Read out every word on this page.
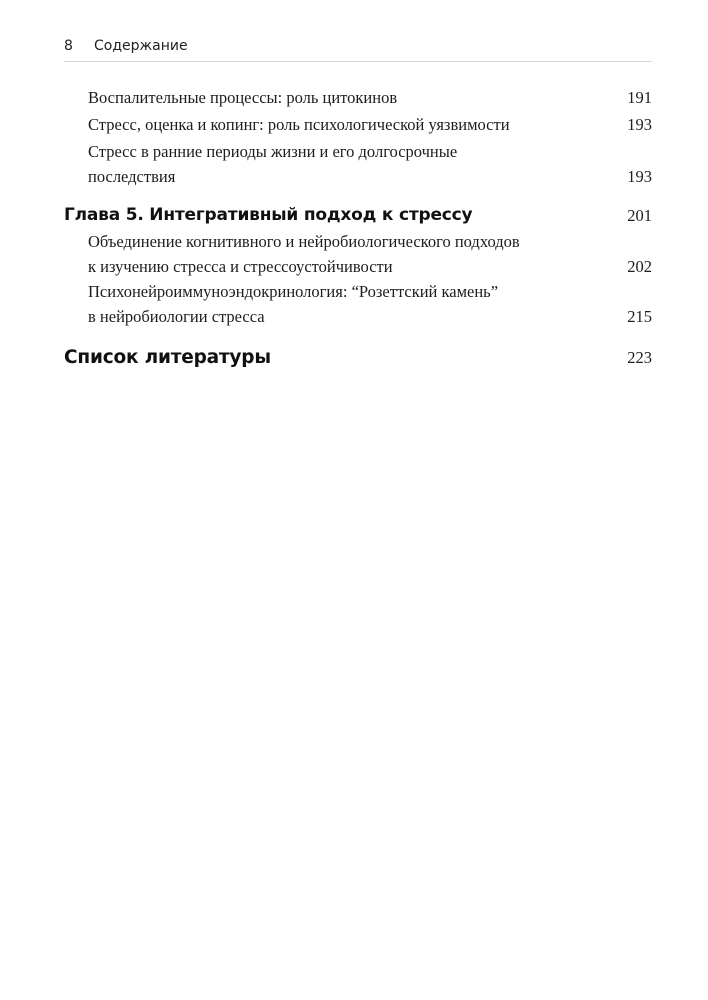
8 Содержание
Воспалительные процессы: роль цитокинов	191
Стресс, оценка и копинг: роль психологической уязвимости	193
Стресс в ранние периоды жизни и его долгосрочные
последствия	193
Глава 5. Интегративный подход к стрессу	201
Объединение когнитивного и нейробиологического подходов
к изучению стресса и стрессоустойчивости	202
Психонейроиммуноэндокринология: “Розеттский камень”
в нейробиологии стресса	215
Список литературы	223
